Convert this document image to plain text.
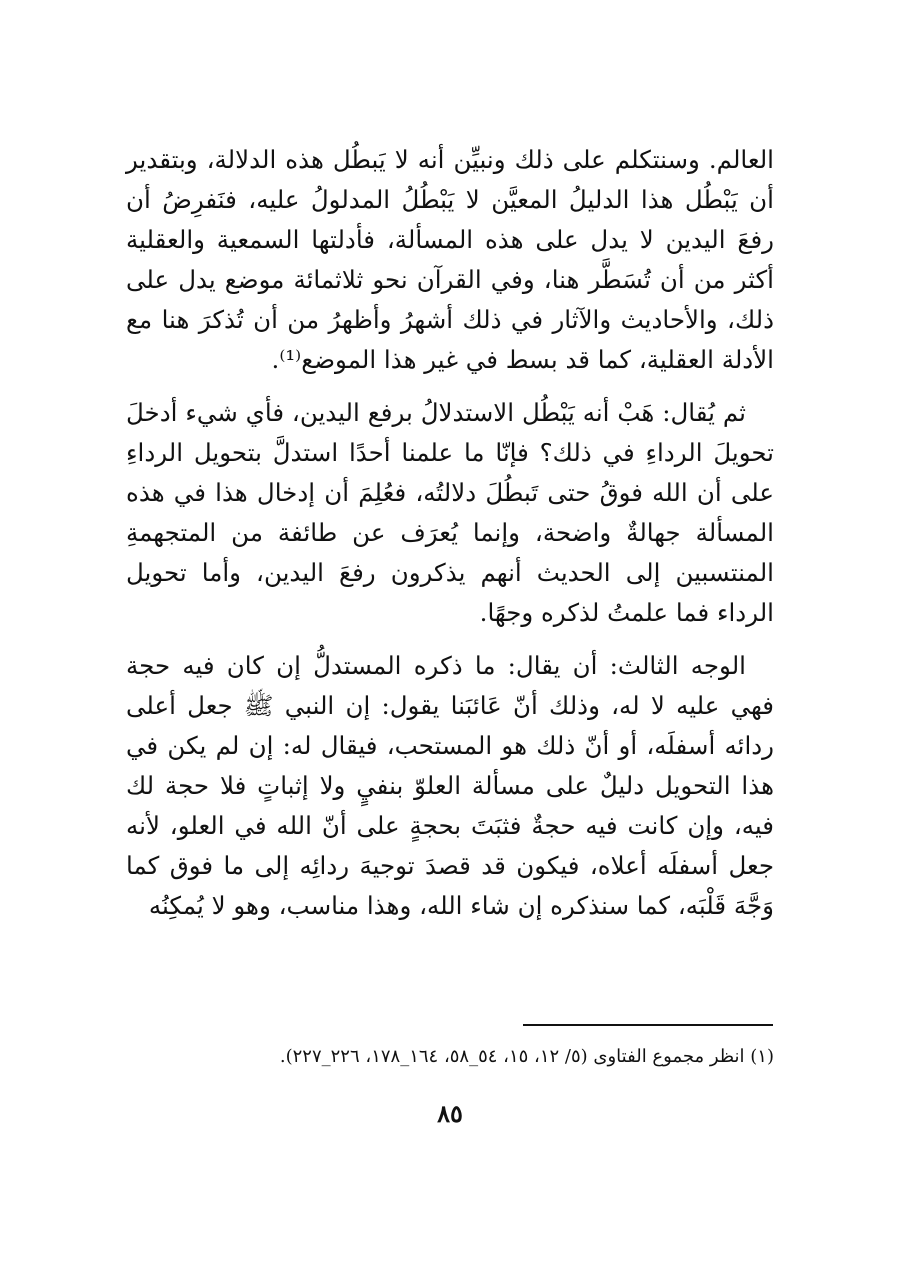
العالم. وسنتكلم على ذلك ونبيِّن أنه لا يَبطُل هذه الدلالة، وبتقدير أن يَبْطُل هذا الدليلُ المعيَّن لا يَبْطُلُ المدلولُ عليه، فنَفرِضُ أن رفعَ اليدين لا يدل على هذه المسألة، فأدلتها السمعية والعقلية أكثر من أن تُسَطَّر هنا، وفي القرآن نحو ثلاثمائة موضع يدل على ذلك، والأحاديث والآثار في ذلك أشهرُ وأظهرُ من أن تُذكرَ هنا مع الأدلة العقلية، كما قد بسط في غير هذا الموضع⁽¹⁾.

ثم يُقال: هَبْ أنه يَبْطُل الاستدلالُ برفع اليدين، فأي شيء أدخلَ تحويلَ الرداءِ في ذلك؟ فإنّا ما علمنا أحدًا استدلَّ بتحويل الرداءِ على أن الله فوقُ حتى تَبطُلَ دلالتُه، فعُلِمَ أن إدخال هذا في هذه المسألة جهالةٌ واضحة، وإنما يُعرَف عن طائفة من المتجهمةِ المنتسبين إلى الحديث أنهم يذكرون رفعَ اليدين، وأما تحويل الرداء فما علمتُ لذكره وجهًا.

الوجه الثالث: أن يقال: ما ذكره المستدلُّ إن كان فيه حجة فهي عليه لا له، وذلك أنّ عَائبَنا يقول: إن النبي ﷺ جعل أعلى ردائه أسفلَه، أو أنّ ذلك هو المستحب، فيقال له: إن لم يكن في هذا التحويل دليلٌ على مسألة العلوّ بنفيٍ ولا إثباتٍ فلا حجة لك فيه، وإن كانت فيه حجةٌ فثبَتَ بحجةٍ على أنّ الله في العلو، لأنه جعل أسفلَه أعلاه، فيكون قد قصدَ توجيهَ ردائِه إلى ما فوق كما وَجَّهَ قَلْبَه، كما سنذكره إن شاء الله، وهذا مناسب، وهو لا يُمكِنُه

(١) انظر مجموع الفتاوى (٥/ ١٢، ١٥، ٥٤_٥٨، ١٦٤_١٧٨، ٢٢٦_٢٢٧).

٨٥
